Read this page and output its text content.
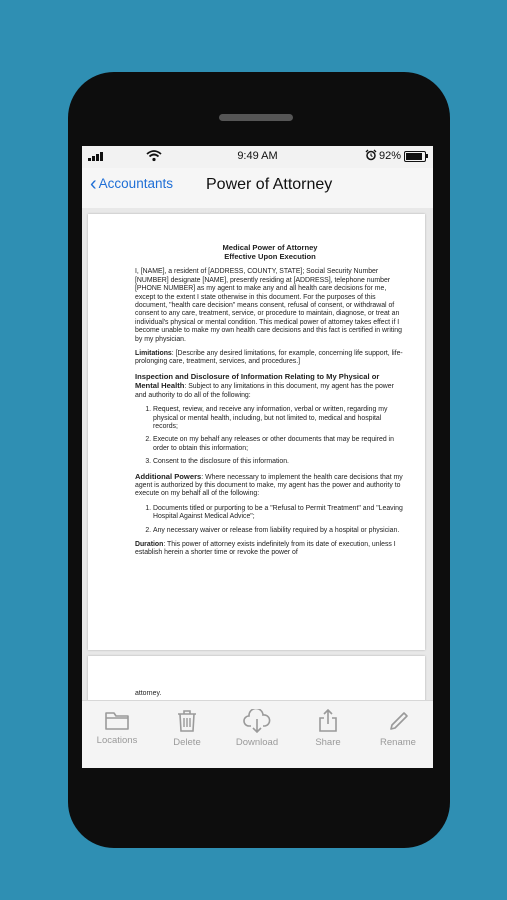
9:49 AM	92%
‹ Accountants Power of Attorney
Medical Power of Attorney
Effective Upon Execution

I, [NAME], a resident of [ADDRESS, COUNTY, STATE]; Social Security Number [NUMBER] designate [NAME], presently residing at [ADDRESS], telephone number [PHONE NUMBER] as my agent to make any and all health care decisions for me, except to the extent I state otherwise in this document. For the purposes of this document, "health care decision" means consent, refusal of consent, or withdrawal of consent to any care, treatment, service, or procedure to maintain, diagnose, or treat an individual's physical or mental condition. This medical power of attorney takes effect if I become unable to make my own health care decisions and this fact is certified in writing by my physician.

Limitations: [Describe any desired limitations, for example, concerning life support, life-prolonging care, treatment, services, and procedures.]

Inspection and Disclosure of Information Relating to My Physical or Mental Health: Subject to any limitations in this document, my agent has the power and authority to do all of the following:

1. Request, review, and receive any information, verbal or written, regarding my physical or mental health, including, but not limited to, medical and hospital records;
2. Execute on my behalf any releases or other documents that may be required in order to obtain this information;
3. Consent to the disclosure of this information.

Additional Powers: Where necessary to implement the health care decisions that my agent is authorized by this document to make, my agent has the power and authority to execute on my behalf all of the following:

1. Documents titled or purporting to be a "Refusal to Permit Treatment" and "Leaving Hospital Against Medical Advice";
2. Any necessary waiver or release from liability required by a hospital or physician.

Duration: This power of attorney exists indefinitely from its date of execution, unless I establish herein a shorter time or revoke the power of

attorney.
Locations	Delete	Download	Share	Rename
